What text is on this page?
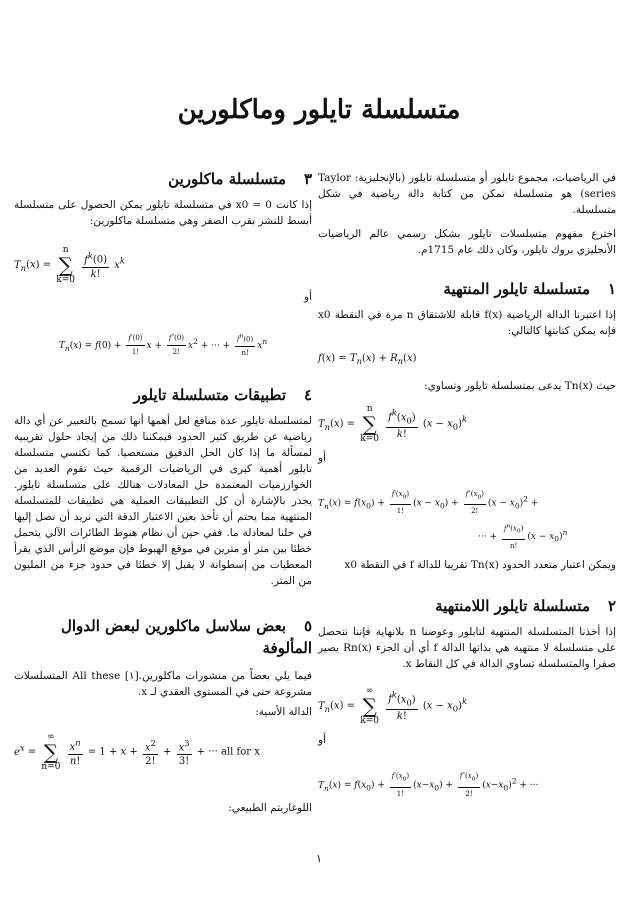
متسلسلة تايلور وماكلورين

في الرياضيات، مجموع تايلور أو متسلسلة تايلور (بالإنجليزية: Taylor series) هو متسلسلة تمكن من كتابة دالة رياضية في شكل متسلسلة.

اخترع مفهوم متسلسلات تايلور بشكل رسمي عالم الرياضيات الأنجليزي بروك تايلور، وكان ذلك عام 1715م.

١متسلسلة تايلور المنتهية

إذا اعتبرنا الدالة الرياضية f(x) قابلة للاشتقاق n مرة في النقطة x0 فإنه يمكن كتابتها كالتالي:

$f(x) = T_n(x) + R_n(x)$

حيث Tn(x) يدعى بمتسلسلة تايلور وتساوي:

$T_n(x) = n$
∑
$k=0 \frac{f^k(x_0)}{k!} (x - x_0)^k$
أو
$T_n(x) = f(x_0) + \frac{f'(x_0)}{1!} (x - x_0) + \frac{f''(x_0)}{2!} (x - x_0)^2$ +
··· + $\frac{f^n(x_0)}{n!} (x - x_0)^n$

ويمكن اعتبار متعدد الحدود Tn(x) تقريبا للدالة f في النقطة x0

٢متسلسلة تايلور اللامنتهية

إذا أخذنا المتسلسلة المنتهية لتايلور وعوضنا n بلانهاية فإننا نتحصل على متسلسلة لا منتهية هي بذاتها الدالة f أي أن الجزء Rn(x) يصير صفرا والمتسلسلة تساوي الدالة في كل النقاط x.

$T_n(x)$ = ∞
∑
$k=0 \frac{f^k(x_0)}{k!} (x - x_0)^k$
أو
$T_n(x) = f(x_0) + \frac{f'(x_0)}{1!} (x-x_0) + \frac{f''(x_0)}{2!} (x-x_0)^2$ + ···
٣متسلسلة ماكلورين

إذا كانت x0 = 0 في متسلسلة تايلور يمكن الحصول على متسلسلة أبسط للنشر بقرب الصفر وهي متسلسلة ماكلورين:

$T_n(x) = n$
∑
$k=0 \frac{f^k(0)}{k!} x^k$
أو
$T_n(x) = f(0) + \frac{f'(0)}{1!}$ $x + \frac{f''(0)}{2!} x^2$ + ··· + $\frac{f^n(0)}{n!} x^n$
٤تطبيقات متسلسلة تايلور

لمتسلسلة تايلور عدة منافع لعل أهمها أنها تسمح بالتعبير عن أي دالة رياضية عن طريق كثير الحدود فيمكننا ذلك من إيجاد حلول تقريبية لمسألة ما إذا كان الحل الدقيق مستعصيا. كما تكتسي متسلسلة تايلور أهمية كبرى في الرياضيات الرقمية حيث تقوم العديد من الخوارزميات المعتمدة حل المعادلات هنالك على متسلسلة تايلور. يجدر بالإشارة أن كل التطبيقات العملية هي تطبيقات للمتسلسلة المنتهية مما يحتم أن تأخذ بعين الاعتبار الدقة التي نريد أن نصل إليها في حلنا لمعادلة ما. ففي حين أن نظام هبوط الطائرات الآلي يتحمل خطئا بين متر أو مترين في موقع الهبوط فإن موضع الرأس الذي يقرأ المعطيات من إسطوانة لا يقبل إلا خطئا في حدود جزء من المليون من المتر.

٥بعض سلاسل ماكلورين لبعض الدوال المألوفة

فيما يلي بعضاً من منشورات ماكلورين.[١] All these المتسلسلات مشروعة حتى في المستوى العقدي لـ x.

الدالة الأسية:

$e^x$ = ∞
∑
$n=0 \frac{x^n}{n!} = 1 + x + \frac{x^2}{2!} + \frac{x^3}{3!}$ + ··· all for x

اللوغاريتم الطبيعي:

١
